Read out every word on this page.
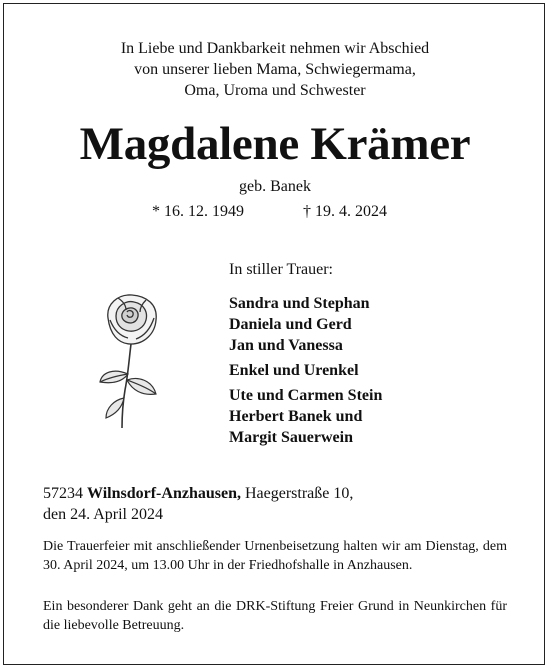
In Liebe und Dankbarkeit nehmen wir Abschied
von unserer lieben Mama, Schwiegermama,
Oma, Uroma und Schwester
Magdalene Krämer
geb. Banek
* 16. 12. 1949	† 19. 4. 2024
In stiller Trauer:
Sandra und Stephan
Daniela und Gerd
Jan und Vanessa
Enkel und Urenkel
Ute und Carmen Stein
Herbert Banek und
Margit Sauerwein
57234 Wilnsdorf-Anzhausen, Haegerstraße 10,
den 24. April 2024
Die Trauerfeier mit anschließender Urnenbeisetzung halten wir am Dienstag, dem 30. April 2024, um 13.00 Uhr in der Friedhofshalle in Anzhausen.
Ein besonderer Dank geht an die DRK-Stiftung Freier Grund in Neunkirchen für die liebevolle Betreuung.
